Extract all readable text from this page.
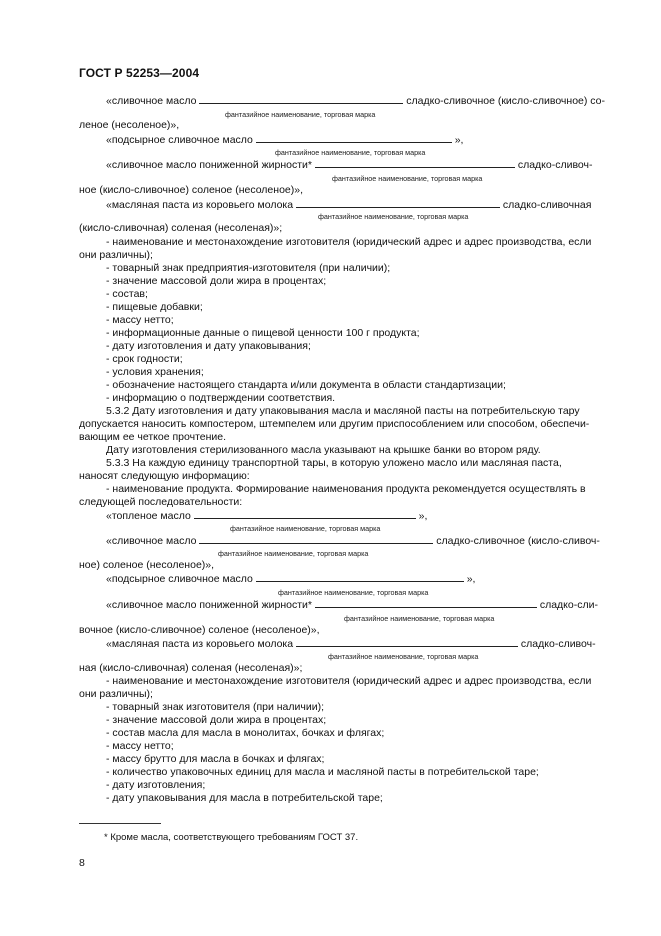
ГОСТ Р 52253—2004
«сливочное масло	сладко-сливочное (кисло-сливочное) со-
фантазийное наименование, торговая марка
леное (несоленое)»,
«подсырное сливочное масло	»,
фантазийное наименование, торговая марка
«сливочное масло пониженной жирности*	сладко-сливоч-
фантазийное наименование, торговая марка
ное (кисло-сливочное) соленое (несоленое)»,
«масляная паста из коровьего молока	сладко-сливочная
фантазийное наименование, торговая марка
(кисло-сливочная) соленая (несоленая)»;
- наименование и местонахождение изготовителя (юридический адрес и адрес производства, если
они различны);
- товарный знак предприятия-изготовителя (при наличии);
- значение массовой доли жира в процентах;
- состав;
- пищевые добавки;
- массу нетто;
- информационные данные о пищевой ценности 100 г продукта;
- дату изготовления и дату упаковывания;
- срок годности;
- условия хранения;
- обозначение настоящего стандарта и/или документа в области стандартизации;
- информацию о подтверждении соответствия.
5.3.2 Дату изготовления и дату упаковывания масла и масляной пасты на потребительскую тару
допускается наносить компостером, штемпелем или другим приспособлением или способом, обеспечи-
вающим ее четкое прочтение.
Дату изготовления стерилизованного масла указывают на крышке банки во втором ряду.
5.3.3 На каждую единицу транспортной тары, в которую уложено масло или масляная паста,
наносят следующую информацию:
- наименование продукта. Формирование наименования продукта рекомендуется осуществлять в
следующей последовательности:
«топленое масло	»,
фантазийное наименование, торговая марка
«сливочное масло	сладко-сливочное (кисло-сливоч-
фантазийное наименование, торговая марка
ное) соленое (несоленое)»,
«подсырное сливочное масло	»,
фантазийное наименование, торговая марка
«сливочное масло пониженной жирности*	сладко-сли-
фантазийное наименование, торговая марка
вочное (кисло-сливочное) соленое (несоленое)»,
«масляная паста из коровьего молока	сладко-сливоч-
фантазийное наименование, торговая марка
ная (кисло-сливочная) соленая (несоленая)»;
- наименование и местонахождение изготовителя (юридический адрес и адрес производства, если
они различны);
- товарный знак изготовителя (при наличии);
- значение массовой доли жира в процентах;
- состав масла для масла в монолитах, бочках и флягах;
- массу нетто;
- массу брутто для масла в бочках и флягах;
- количество упаковочных единиц для масла и масляной пасты в потребительской таре;
- дату изготовления;
- дату упаковывания для масла в потребительской таре;
* Кроме масла, соответствующего требованиям ГОСТ 37.
8
